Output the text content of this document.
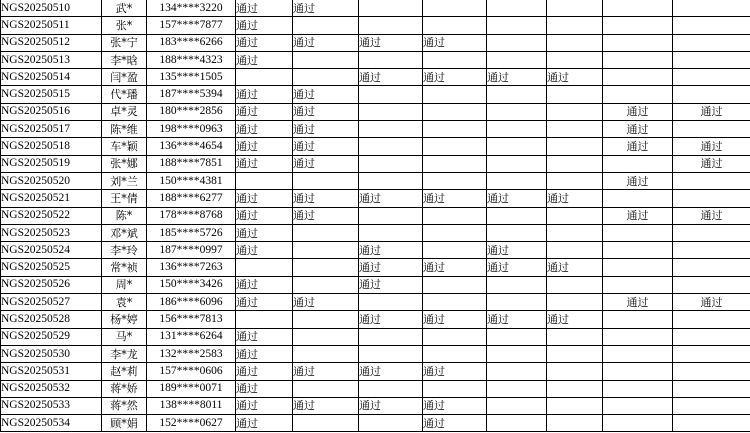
NGS20250510	武*	134****3220	通过	通过						
NGS20250511	张*	157****7877	通过							
NGS20250512	张*宁	183****6266	通过	通过	通过	通过				
NGS20250513	李*晗	188****4323	通过							
NGS20250514	闫*盈	135****1505			通过	通过	通过	通过		
NGS20250515	代*璠	187****5394	通过	通过						
NGS20250516	卓*灵	180****2856	通过	通过					通过	通过
NGS20250517	陈*维	198****0963	通过	通过					通过	
NGS20250518	车*颖	136****4654	通过	通过					通过	通过
NGS20250519	张*娜	188****7851	通过	通过						通过
NGS20250520	刘*兰	150****4381							通过	
NGS20250521	王*倩	188****6277	通过	通过	通过	通过	通过	通过		
NGS20250522	陈*	178****8768	通过	通过					通过	通过
NGS20250523	邓*斌	185****5726	通过							
NGS20250524	李*玲	187****0997	通过		通过		通过			
NGS20250525	常*祯	136****7263			通过	通过	通过	通过		
NGS20250526	周*	150****3426	通过		通过					
NGS20250527	袁*	186****6096	通过	通过					通过	通过
NGS20250528	杨*婷	156****7813			通过	通过	通过	通过		
NGS20250529	马*	131****6264	通过							
NGS20250530	李*龙	132****2583	通过							
NGS20250531	赵*莉	157****0606	通过	通过	通过	通过				
NGS20250532	蒋*娇	189****0071	通过							
NGS20250533	蒋*然	138****8011	通过	通过	通过	通过				
NGS20250534	顾*娟	152****0627	通过			通过				
